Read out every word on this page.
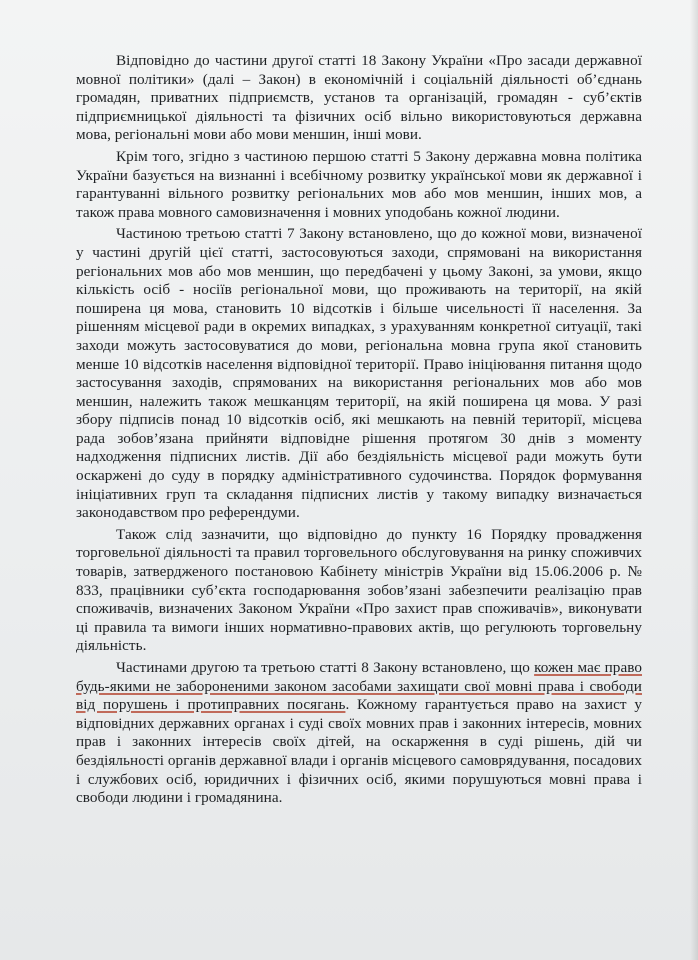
Відповідно до частини другої статті 18 Закону України «Про засади державної мовної політики» (далі – Закон) в економічній і соціальній діяльності об’єднань громадян, приватних підприємств, установ та організацій, громадян - суб’єктів підприємницької діяльності та фізичних осіб вільно використовуються державна мова, регіональні мови або мови меншин, інші мови.

Крім того, згідно з частиною першою статті 5 Закону державна мовна політика України базується на визнанні і всебічному розвитку української мови як державної і гарантуванні вільного розвитку регіональних мов або мов меншин, інших мов, а також права мовного самовизначення і мовних уподобань кожної людини.

Частиною третьою статті 7 Закону встановлено, що до кожної мови, визначеної у частині другій цієї статті, застосовуються заходи, спрямовані на використання регіональних мов або мов меншин, що передбачені у цьому Законі, за умови, якщо кількість осіб - носіїв регіональної мови, що проживають на території, на якій поширена ця мова, становить 10 відсотків і більше чисельності її населення. За рішенням місцевої ради в окремих випадках, з урахуванням конкретної ситуації, такі заходи можуть застосовуватися до мови, регіональна мовна група якої становить менше 10 відсотків населення відповідної території. Право ініціювання питання щодо застосування заходів, спрямованих на використання регіональних мов або мов меншин, належить також мешканцям території, на якій поширена ця мова. У разі збору підписів понад 10 відсотків осіб, які мешкають на певній території, місцева рада зобов’язана прийняти відповідне рішення протягом 30 днів з моменту надходження підписних листів. Дії або бездіяльність місцевої ради можуть бути оскаржені до суду в порядку адміністративного судочинства. Порядок формування ініціативних груп та складання підписних листів у такому випадку визначається законодавством про референдуми.

Також слід зазначити, що відповідно до пункту 16 Порядку провадження торговельної діяльності та правил торговельного обслуговування на ринку споживчих товарів, затвердженого постановою Кабінету міністрів України від 15.06.2006 р. № 833, працівники суб’єкта господарювання зобов’язані забезпечити реалізацію прав споживачів, визначених Законом України «Про захист прав споживачів», виконувати ці правила та вимоги інших нормативно-правових актів, що регулюють торговельну діяльність.

Частинами другою та третьою статті 8 Закону встановлено, що кожен має право будь-якими не забороненими законом засобами захищати свої мовні права і свободи від порушень і протиправних посягань. Кожному гарантується право на захист у відповідних державних органах і суді своїх мовних прав і законних інтересів, мовних прав і законних інтересів своїх дітей, на оскарження в суді рішень, дій чи бездіяльності органів державної влади і органів місцевого самоврядування, посадових і службових осіб, юридичних і фізичних осіб, якими порушуються мовні права і свободи людини і громадянина.
